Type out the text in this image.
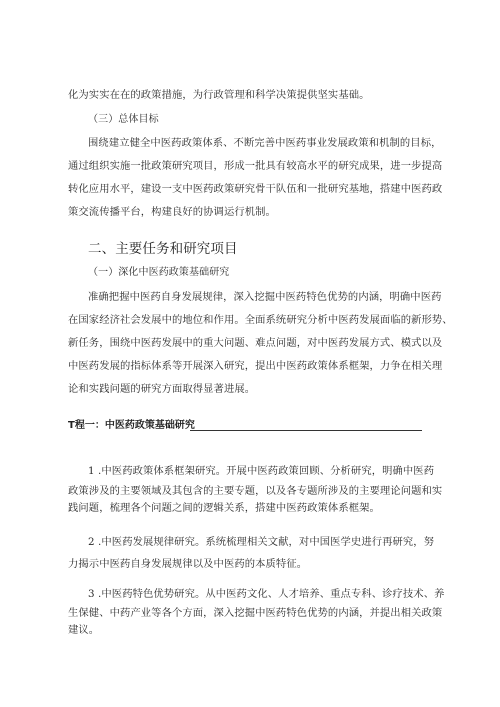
化为实实在在的政策措施，为行政管理和科学决策提供坚实基础。
（三）总体目标
围绕建立健全中医药政策体系、不断完善中医药事业发展政策和机制的目标，
通过组织实施一批政策研究项目，形成一批具有较高水平的研究成果，进一步提高
转化应用水平，建设一支中医药政策研究骨干队伍和一批研究基地，搭建中医药政
策交流传播平台，构建良好的协调运行机制。
二、主要任务和研究项目
（一）深化中医药政策基础研究
准确把握中医药自身发展规律，深入挖掘中医药特色优势的内涵，明确中医药
在国家经济社会发展中的地位和作用。全面系统研究分析中医药发展面临的新形势、
新任务，围绕中医药发展中的重大问题、难点问题，对中医药发展方式、模式以及
中医药发展的指标体系等开展深入研究，提出中医药政策体系框架，力争在相关理
论和实践问题的研究方面取得显著进展。
T程一：中医药政策基础研究
1 .中医药政策体系框架研究。开展中医药政策回顾、分析研究，明确中医药
政策涉及的主要领域及其包含的主要专题，以及各专题所涉及的主要理论问题和实
践问题，梳理各个问题之间的逻辑关系，搭建中医药政策体系框架。
2 .中医药发展规律研究。系统梳理相关文献，对中国医学史进行再研究，努
力揭示中医药自身发展规律以及中医药的本质特征。
3 .中医药特色优势研究。从中医药文化、人才培养、重点专科、诊疗技术、养
生保健、中药产业等各个方面，深入挖掘中医药特色优势的内涵，并提出相关政策
建议。
